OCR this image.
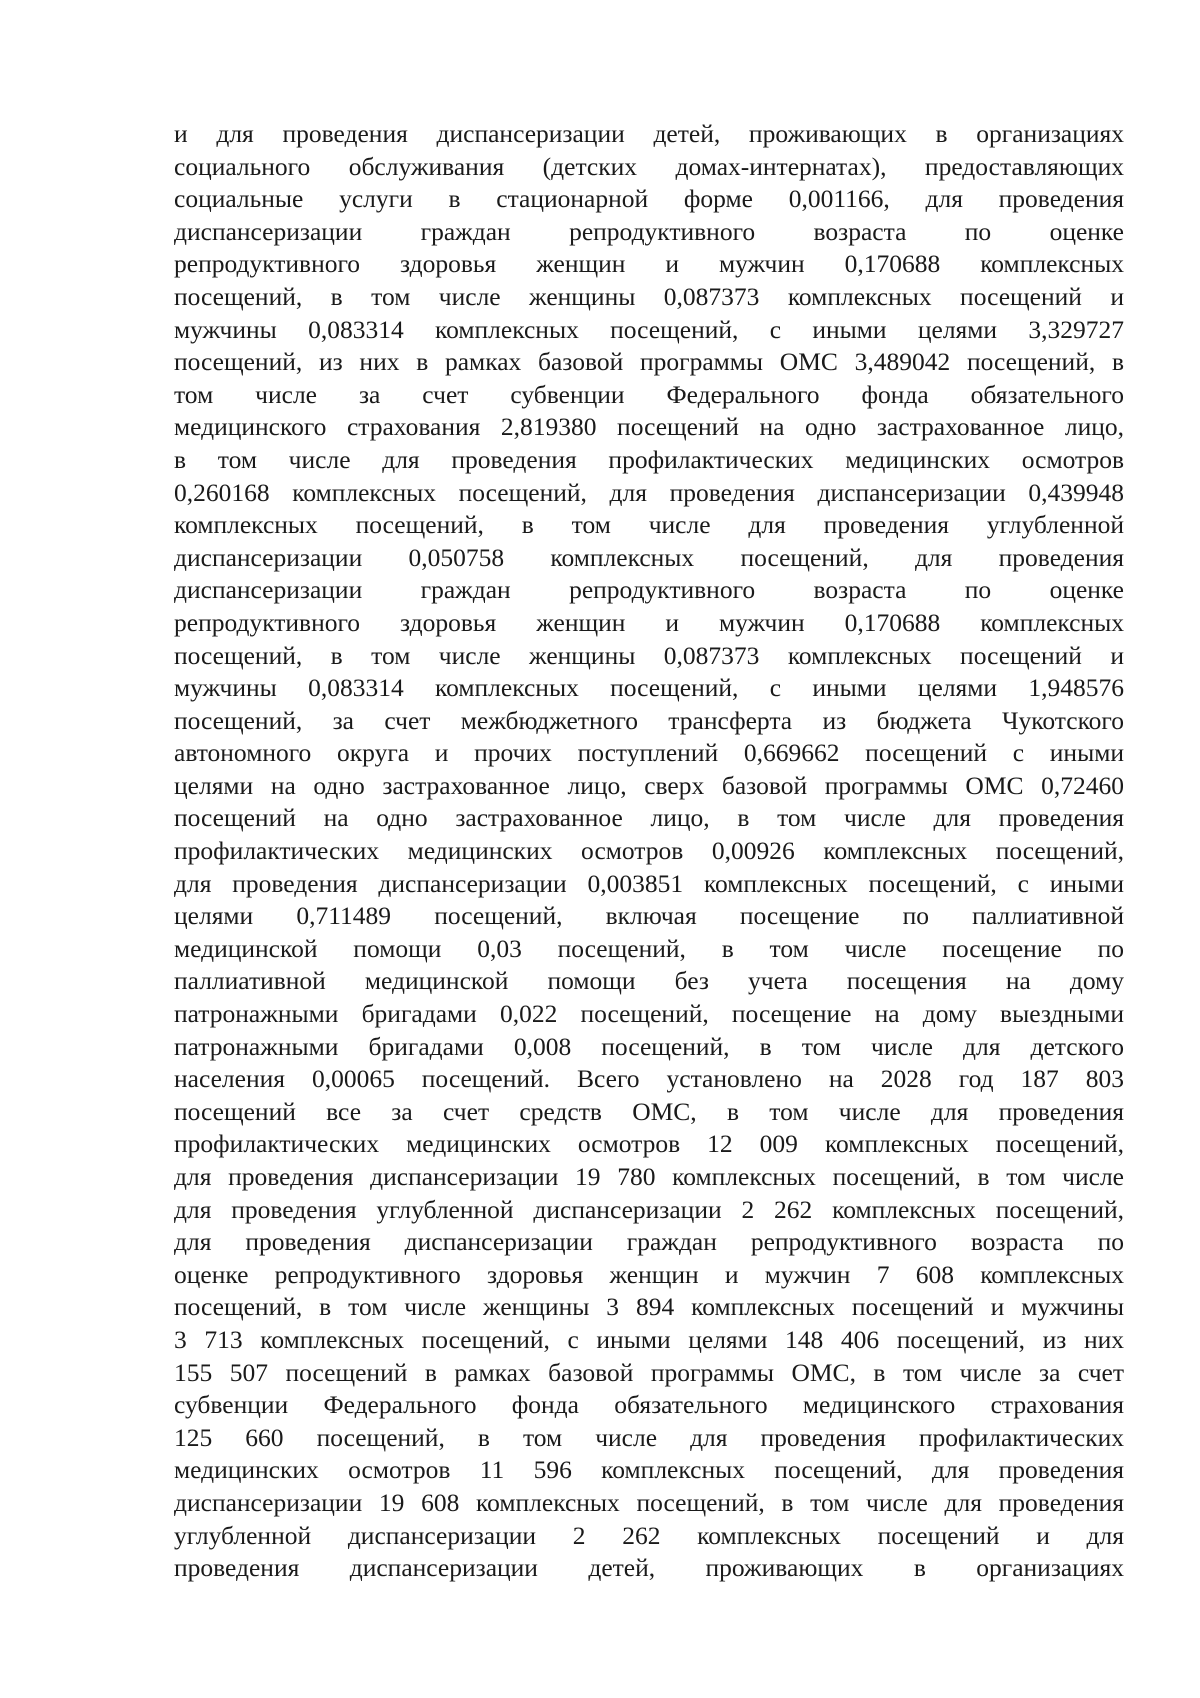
и для проведения диспансеризации детей, проживающих в организациях
социального обслуживания (детских домах-интернатах), предоставляющих
социальные услуги в стационарной форме 0,001166, для проведения
диспансеризации граждан репродуктивного возраста по оценке
репродуктивного здоровья женщин и мужчин 0,170688 комплексных
посещений, в том числе женщины 0,087373 комплексных посещений и
мужчины 0,083314 комплексных посещений, с иными целями 3,329727
посещений, из них в рамках базовой программы ОМС 3,489042 посещений, в
том числе за счет субвенции Федерального фонда обязательного
медицинского страхования 2,819380 посещений на одно застрахованное лицо,
в том числе для проведения профилактических медицинских осмотров
0,260168 комплексных посещений, для проведения диспансеризации 0,439948
комплексных посещений, в том числе для проведения углубленной
диспансеризации 0,050758 комплексных посещений, для проведения
диспансеризации граждан репродуктивного возраста по оценке
репродуктивного здоровья женщин и мужчин 0,170688 комплексных
посещений, в том числе женщины 0,087373 комплексных посещений и
мужчины 0,083314 комплексных посещений, с иными целями 1,948576
посещений, за счет межбюджетного трансферта из бюджета Чукотского
автономного округа и прочих поступлений 0,669662 посещений с иными
целями на одно застрахованное лицо, сверх базовой программы ОМС 0,72460
посещений на одно застрахованное лицо, в том числе для проведения
профилактических медицинских осмотров 0,00926 комплексных посещений,
для проведения диспансеризации 0,003851 комплексных посещений, с иными
целями 0,711489 посещений, включая посещение по паллиативной
медицинской помощи 0,03 посещений, в том числе посещение по
паллиативной медицинской помощи без учета посещения на дому
патронажными бригадами 0,022 посещений, посещение на дому выездными
патронажными бригадами 0,008 посещений, в том числе для детского
населения 0,00065 посещений. Всего установлено на 2028 год 187 803
посещений все за счет средств ОМС, в том числе для проведения
профилактических медицинских осмотров 12 009 комплексных посещений,
для проведения диспансеризации 19 780 комплексных посещений, в том числе
для проведения углубленной диспансеризации 2 262 комплексных посещений,
для проведения диспансеризации граждан репродуктивного возраста по
оценке репродуктивного здоровья женщин и мужчин 7 608 комплексных
посещений, в том числе женщины 3 894 комплексных посещений и мужчины
3 713 комплексных посещений, с иными целями 148 406 посещений, из них
155 507 посещений в рамках базовой программы ОМС, в том числе за счет
субвенции Федерального фонда обязательного медицинского страхования
125 660 посещений, в том числе для проведения профилактических
медицинских осмотров 11 596 комплексных посещений, для проведения
диспансеризации 19 608 комплексных посещений, в том числе для проведения
углубленной диспансеризации 2 262 комплексных посещений и для
проведения диспансеризации детей, проживающих в организациях
